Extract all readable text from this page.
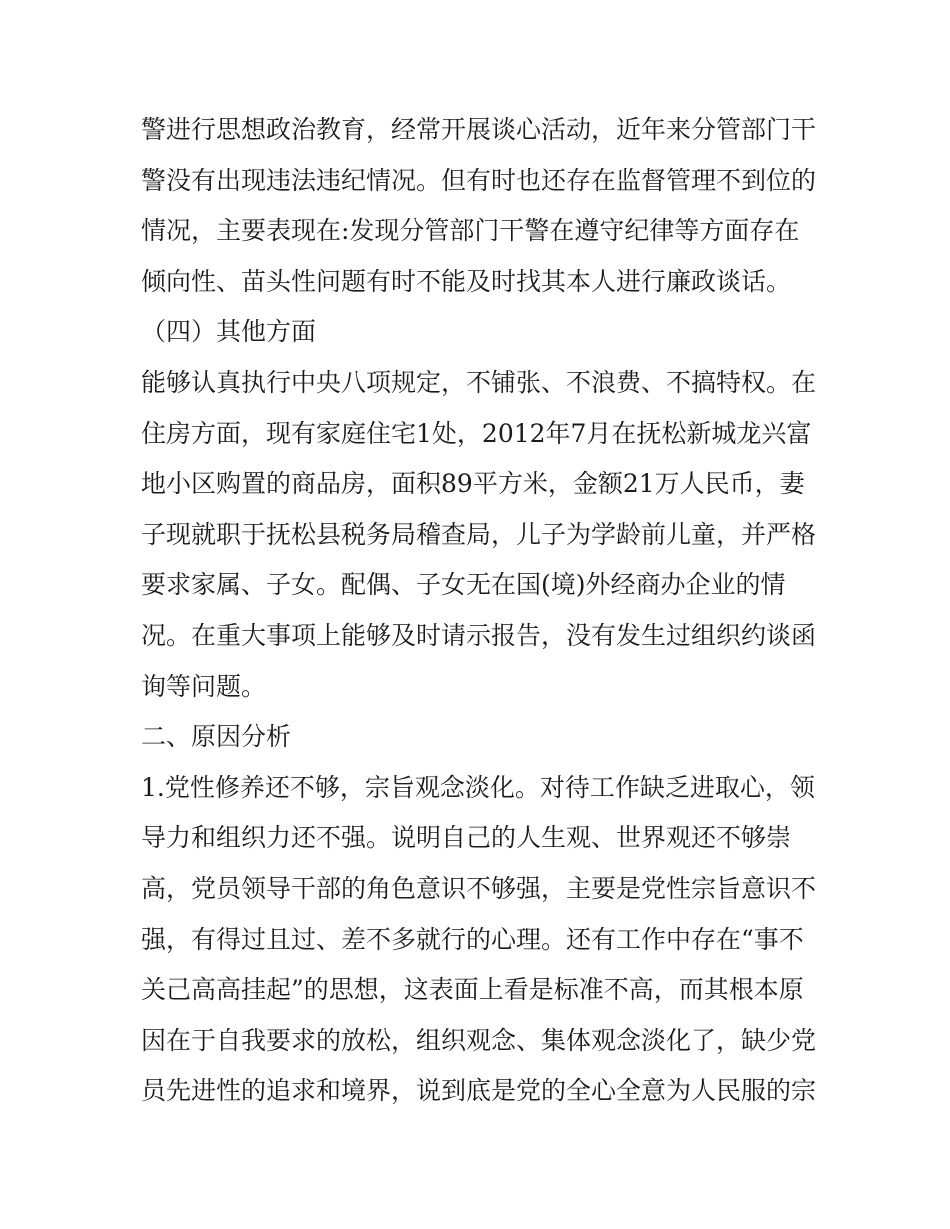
警进行思想政治教育，经常开展谈心活动，近年来分管部门干
警没有出现违法违纪情况。但有时也还存在监督管理不到位的
情况，主要表现在:发现分管部门干警在遵守纪律等方面存在
倾向性、苗头性问题有时不能及时找其本人进行廉政谈话。
（四）其他方面
能够认真执行中央八项规定，不铺张、不浪费、不搞特权。在
住房方面，现有家庭住宅1处，2012年7月在抚松新城龙兴富
地小区购置的商品房，面积89平方米，金额21万人民币，妻
子现就职于抚松县税务局稽查局，儿子为学龄前儿童，并严格
要求家属、子女。配偶、子女无在国(境)外经商办企业的情
况。在重大事项上能够及时请示报告，没有发生过组织约谈函
询等问题。
二、原因分析
1.党性修养还不够，宗旨观念淡化。对待工作缺乏进取心，领
导力和组织力还不强。说明自己的人生观、世界观还不够崇
高，党员领导干部的角色意识不够强，主要是党性宗旨意识不
强，有得过且过、差不多就行的心理。还有工作中存在“事不
关己高高挂起”的思想，这表面上看是标准不高，而其根本原
因在于自我要求的放松，组织观念、集体观念淡化了，缺少党
员先进性的追求和境界，说到底是党的全心全意为人民服的宗
